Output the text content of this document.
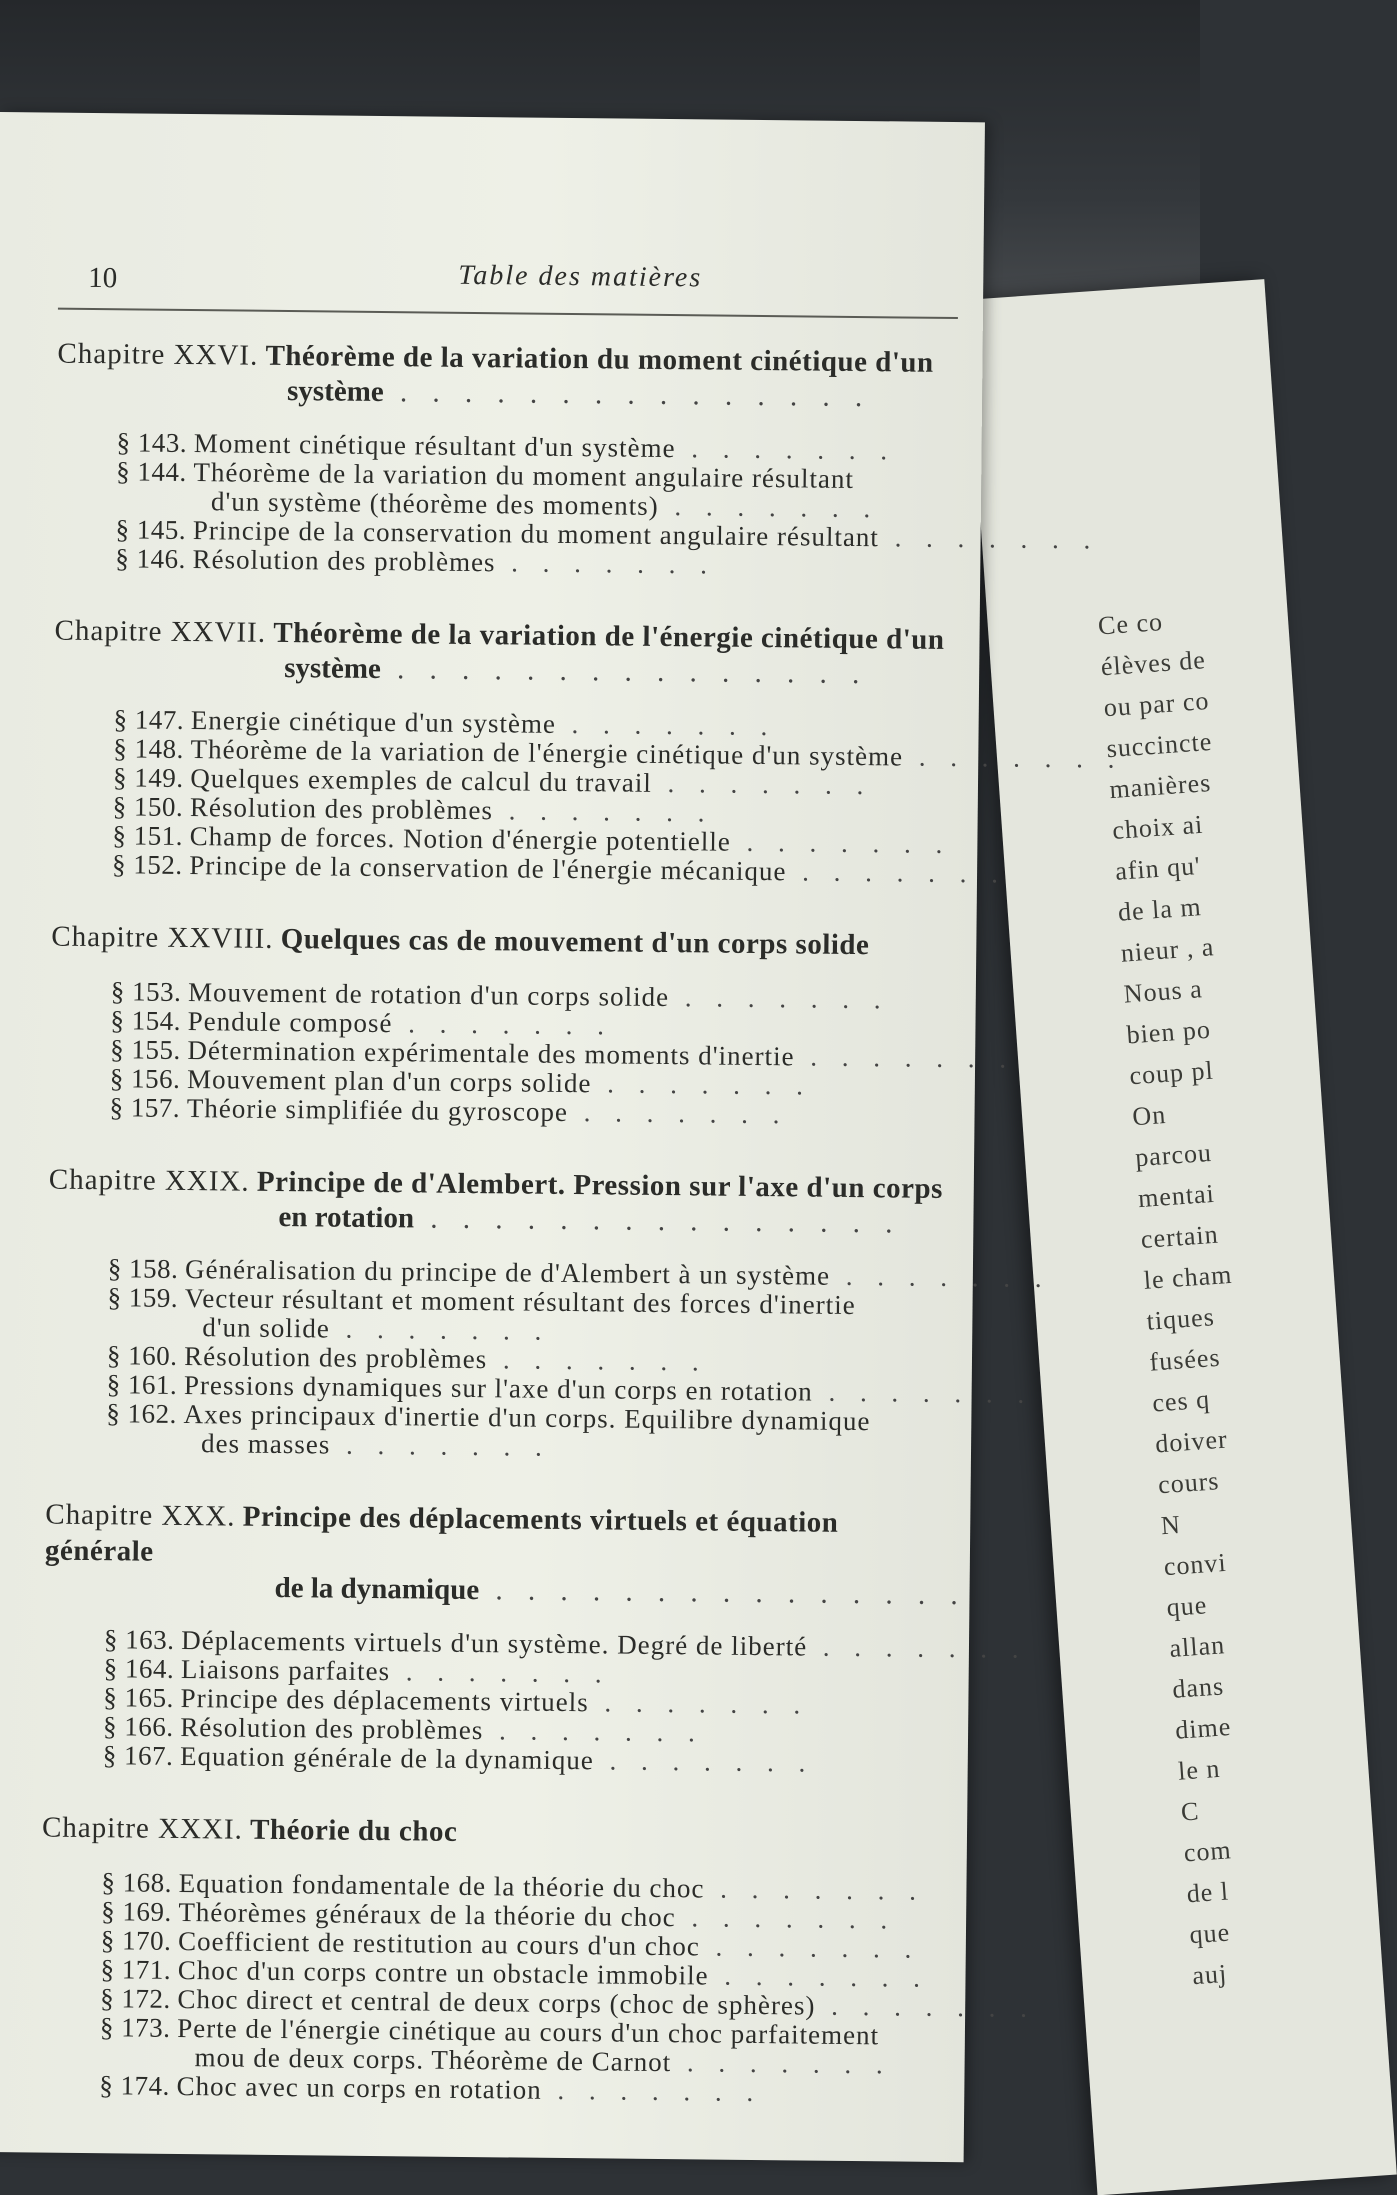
Ce co
élèves de
ou par co
succincte
manières
choix ai
afin qu'
de la m
nieur , a
Nous a
bien po
coup pl
On
parcou
mentai
certain
le cham
tiques
fusées
ces q
doiver
cours
N
convi
que
allan
dans
dime
le n
C
com
de l
que
auj
10	Table des matières
Chapitre XXVI. Théorème de la variation du moment cinétique d'un
système . . . . . . . . . . . . . . .
§ 143. Moment cinétique résultant d'un système . . . . . . .
§ 144. Théorème de la variation du moment angulaire résultant
d'un système (théorème des moments) . . . . . . .
§ 145. Principe de la conservation du moment angulaire résultant . . . . . . .
§ 146. Résolution des problèmes . . . . . . .
Chapitre XXVII. Théorème de la variation de l'énergie cinétique d'un
système . . . . . . . . . . . . . . .
§ 147. Energie cinétique d'un système . . . . . . .
§ 148. Théorème de la variation de l'énergie cinétique d'un système . . . . . . .
§ 149. Quelques exemples de calcul du travail . . . . . . .
§ 150. Résolution des problèmes . . . . . . .
§ 151. Champ de forces. Notion d'énergie potentielle . . . . . . .
§ 152. Principe de la conservation de l'énergie mécanique . . . . . . .
Chapitre XXVIII. Quelques cas de mouvement d'un corps solide
§ 153. Mouvement de rotation d'un corps solide . . . . . . .
§ 154. Pendule composé . . . . . . .
§ 155. Détermination expérimentale des moments d'inertie . . . . . . .
§ 156. Mouvement plan d'un corps solide . . . . . . .
§ 157. Théorie simplifiée du gyroscope . . . . . . .
Chapitre XXIX. Principe de d'Alembert. Pression sur l'axe d'un corps
en rotation . . . . . . . . . . . . . . .
§ 158. Généralisation du principe de d'Alembert à un système . . . . . . .
§ 159. Vecteur résultant et moment résultant des forces d'inertie
d'un solide . . . . . . .
§ 160. Résolution des problèmes . . . . . . .
§ 161. Pressions dynamiques sur l'axe d'un corps en rotation . . . . . . .
§ 162. Axes principaux d'inertie d'un corps. Equilibre dynamique
des masses . . . . . . .
Chapitre XXX. Principe des déplacements virtuels et équation générale
de la dynamique . . . . . . . . . . . . . . .
§ 163. Déplacements virtuels d'un système. Degré de liberté . . . . . . .
§ 164. Liaisons parfaites . . . . . . .
§ 165. Principe des déplacements virtuels . . . . . . .
§ 166. Résolution des problèmes . . . . . . .
§ 167. Equation générale de la dynamique . . . . . . .
Chapitre XXXI. Théorie du choc
§ 168. Equation fondamentale de la théorie du choc . . . . . . .
§ 169. Théorèmes généraux de la théorie du choc . . . . . . .
§ 170. Coefficient de restitution au cours d'un choc . . . . . . .
§ 171. Choc d'un corps contre un obstacle immobile . . . . . . .
§ 172. Choc direct et central de deux corps (choc de sphères) . . . . . . .
§ 173. Perte de l'énergie cinétique au cours d'un choc parfaitement
mou de deux corps. Théorème de Carnot . . . . . . .
§ 174. Choc avec un corps en rotation . . . . . . .
